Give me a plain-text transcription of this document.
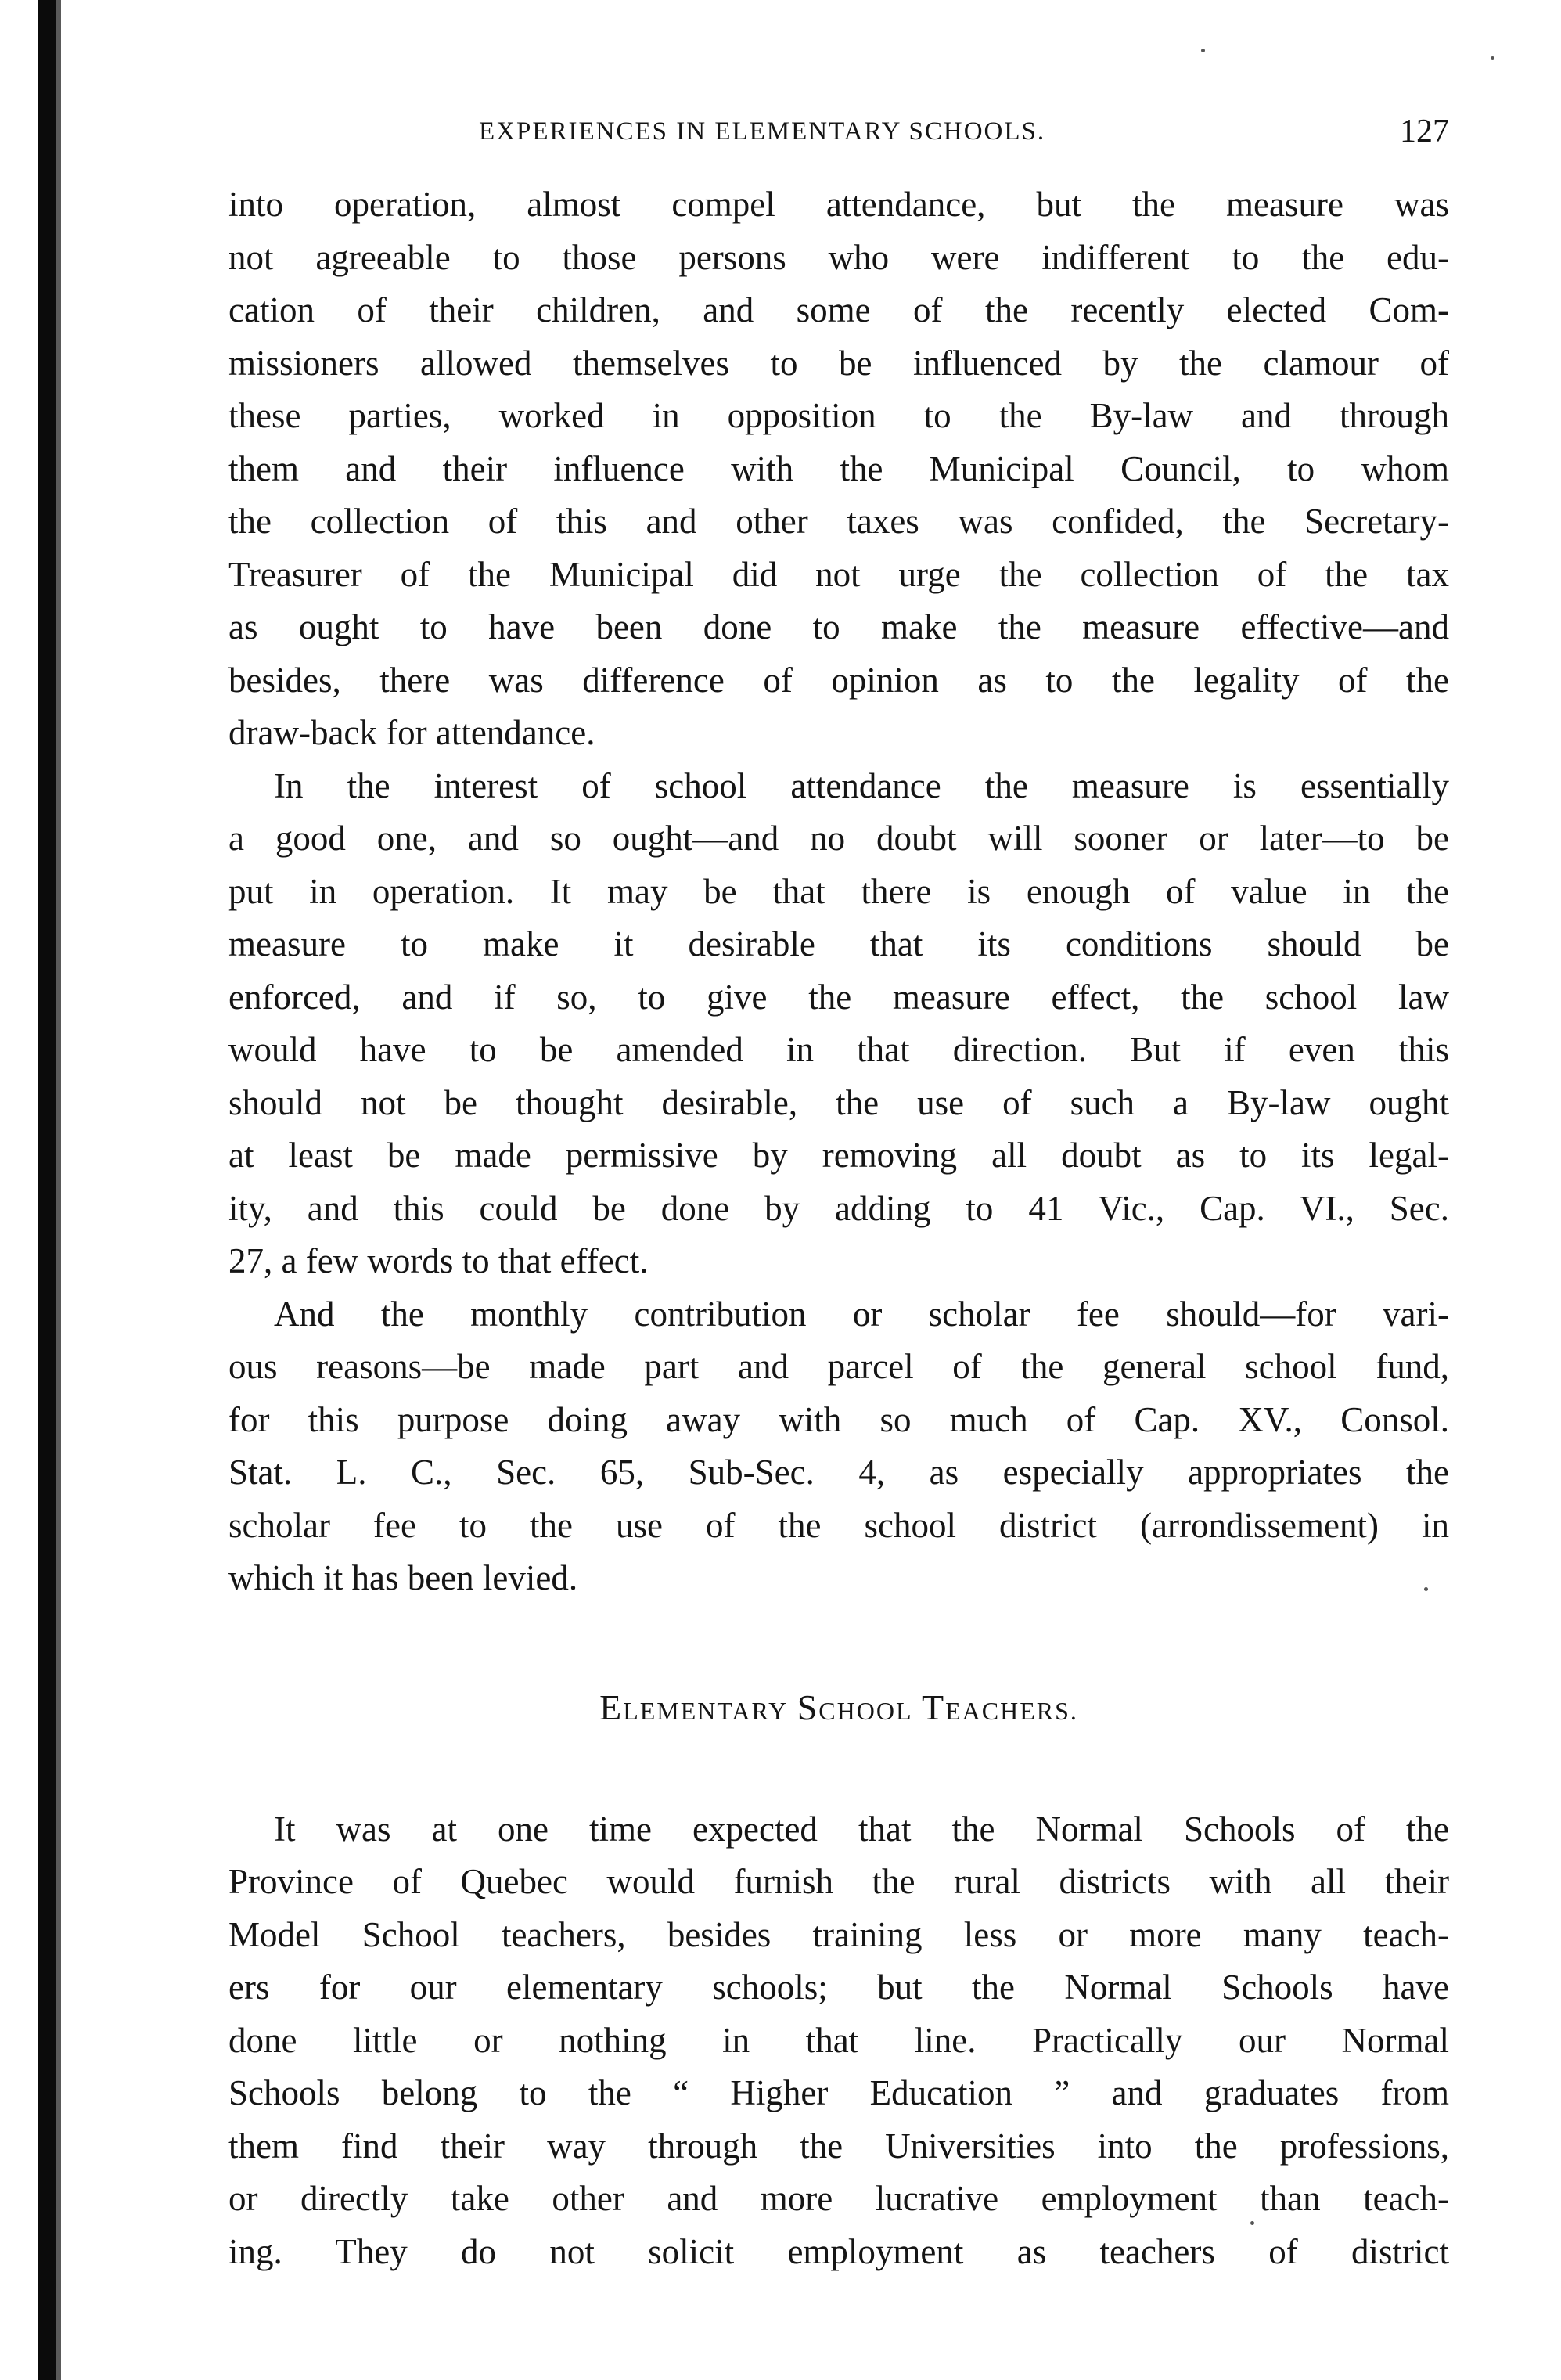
EXPERIENCES IN ELEMENTARY SCHOOLS.	127

into operation, almost compel attendance, but the measure was
not agreeable to those persons who were indifferent to the edu-
cation of their children, and some of the recently elected Com-
missioners allowed themselves to be influenced by the clamour of
these parties, worked in opposition to the By-law and through
them and their influence with the Municipal Council, to whom
the collection of this and other taxes was confided, the Secretary-
Treasurer of the Municipal did not urge the collection of the tax
as ought to have been done to make the measure effective—and
besides, there was difference of opinion as to the legality of the
draw-back for attendance.

In the interest of school attendance the measure is essentially
a good one, and so ought—and no doubt will sooner or later—to be
put in operation. It may be that there is enough of value in the
measure to make it desirable that its conditions should be
enforced, and if so, to give the measure effect, the school law
would have to be amended in that direction. But if even this
should not be thought desirable, the use of such a By-law ought
at least be made permissive by removing all doubt as to its legal-
ity, and this could be done by adding to 41 Vic., Cap. VI., Sec.
27, a few words to that effect.

And the monthly contribution or scholar fee should—for vari-
ous reasons—be made part and parcel of the general school fund,
for this purpose doing away with so much of Cap. XV., Consol.
Stat. L. C., Sec. 65, Sub-Sec. 4, as especially appropriates the
scholar fee to the use of the school district (arrondissement) in
which it has been levied.

ELEMENTARY SCHOOL TEACHERS.

It was at one time expected that the Normal Schools of the
Province of Quebec would furnish the rural districts with all their
Model School teachers, besides training less or more many teach-
ers for our elementary schools; but the Normal Schools have
done little or nothing in that line. Practically our Normal
Schools belong to the “ Higher Education ” and graduates from
them find their way through the Universities into the professions,
or directly take other and more lucrative employment than teach-
ing. They do not solicit employment as teachers of district
